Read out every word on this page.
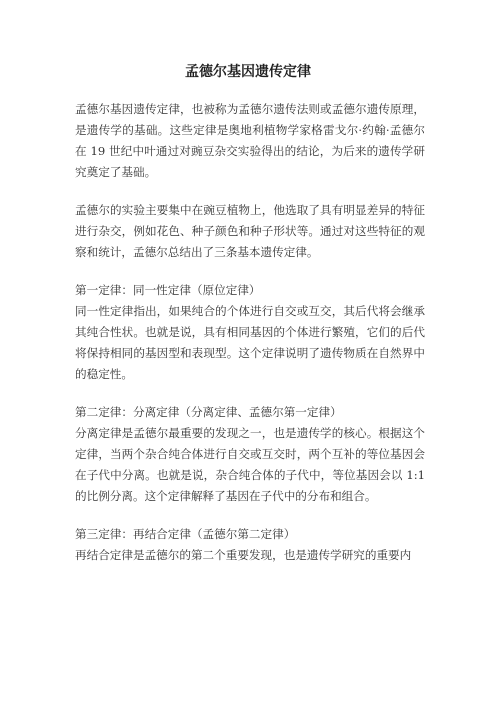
孟德尔基因遗传定律

孟德尔基因遗传定律，也被称为孟德尔遗传法则或孟德尔遗传原理，是遗传学的基础。这些定律是奥地利植物学家格雷戈尔·约翰·孟德尔在 19 世纪中叶通过对豌豆杂交实验得出的结论，为后来的遗传学研究奠定了基础。

孟德尔的实验主要集中在豌豆植物上，他选取了具有明显差异的特征进行杂交，例如花色、种子颜色和种子形状等。通过对这些特征的观察和统计，孟德尔总结出了三条基本遗传定律。

第一定律：同一性定律（原位定律）

同一性定律指出，如果纯合的个体进行自交或互交，其后代将会继承其纯合性状。也就是说，具有相同基因的个体进行繁殖，它们的后代将保持相同的基因型和表现型。这个定律说明了遗传物质在自然界中的稳定性。

第二定律：分离定律（分离定律、孟德尔第一定律）

分离定律是孟德尔最重要的发现之一，也是遗传学的核心。根据这个定律，当两个杂合纯合体进行自交或互交时，两个互补的等位基因会在子代中分离。也就是说，杂合纯合体的子代中，等位基因会以 1:1 的比例分离。这个定律解释了基因在子代中的分布和组合。

第三定律：再结合定律（孟德尔第二定律）

再结合定律是孟德尔的第二个重要发现，也是遗传学研究的重要内
